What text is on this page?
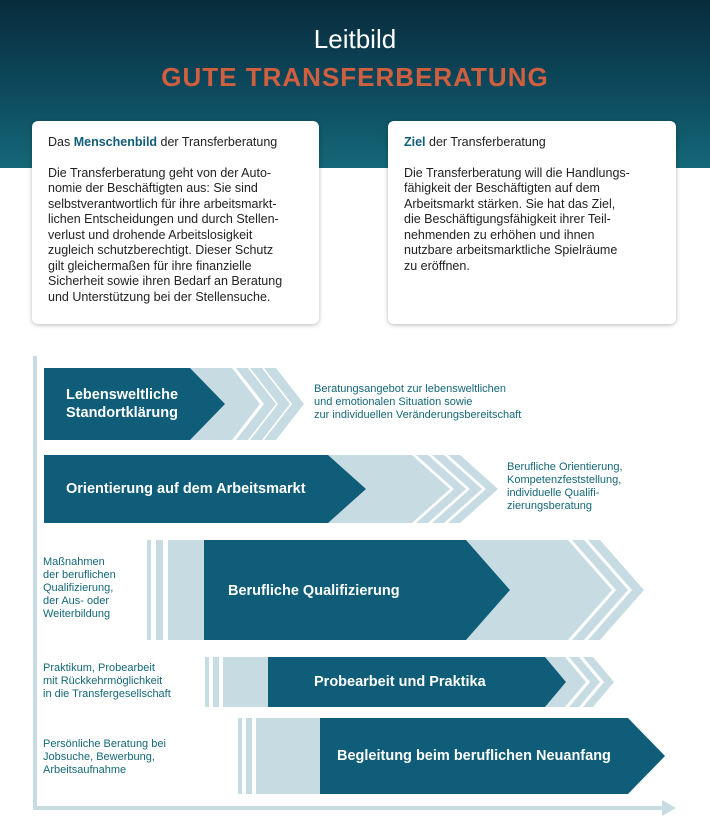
Leitbild
GUTE TRANSFERBERATUNG
Das Menschenbild der Transferberatung
Die Transferberatung geht von der Auto-
nomie der Beschäftigten aus: Sie sind
selbstverantwortlich für ihre arbeitsmarkt-
lichen Entscheidungen und durch Stellen-
verlust und drohende Arbeitslosigkeit
zugleich schutzberechtigt. Dieser Schutz
gilt gleichermaßen für ihre finanzielle
Sicherheit sowie ihren Bedarf an Beratung
und Unterstützung bei der Stellensuche.
Ziel der Transferberatung
Die Transferberatung will die Handlungs-
fähigkeit der Beschäftigten auf dem
Arbeitsmarkt stärken. Sie hat das Ziel,
die Beschäftigungsfähigkeit ihrer Teil-
nehmenden zu erhöhen und ihnen
nutzbare arbeitsmarktliche Spielräume
zu eröffnen.
Lebensweltliche
Standortklärung
Orientierung auf dem Arbeitsmarkt
Berufliche Qualifizierung
Probearbeit und Praktika
Begleitung beim beruflichen Neuanfang
Beratungsangebot zur lebensweltlichen
und emotionalen Situation sowie
zur individuellen Veränderungsbereitschaft
Berufliche Orientierung,
Kompetenzfeststellung,
individuelle Qualifi-
zierungsberatung
Maßnahmen
der beruflichen
Qualifizierung,
der Aus- oder
Weiterbildung
Praktikum, Probearbeit
mit Rückkehrmöglichkeit
in die Transfergesellschaft
Persönliche Beratung bei
Jobsuche, Bewerbung,
Arbeitsaufnahme
